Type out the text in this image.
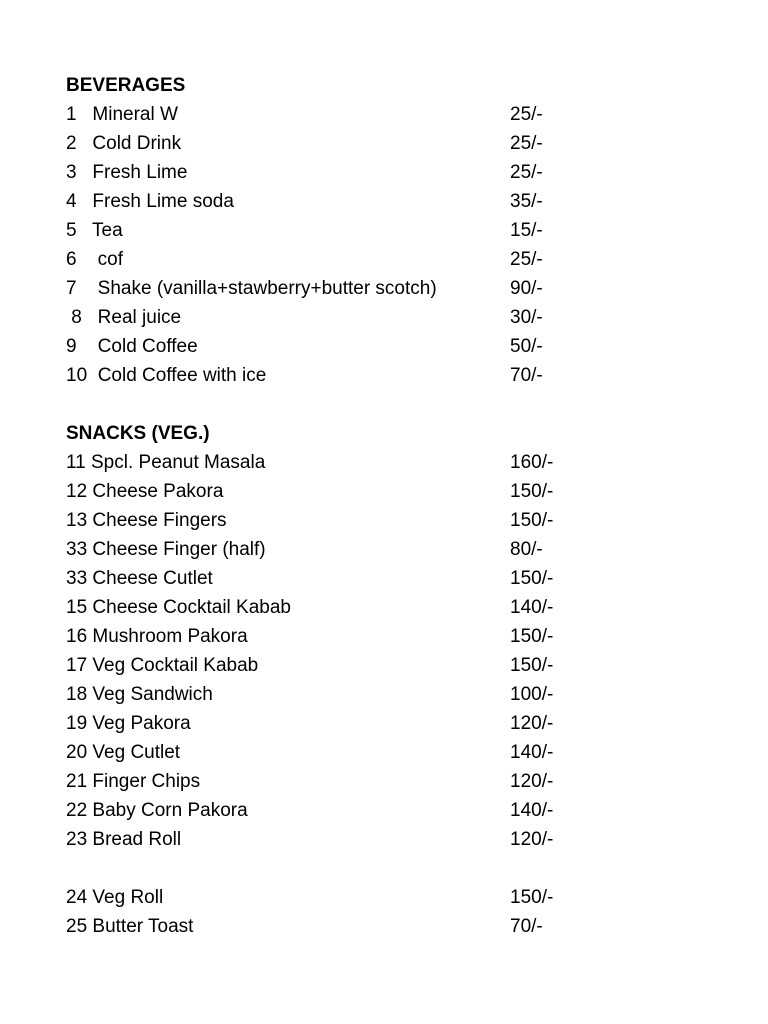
BEVERAGES
1   Mineral W	25/-
2   Cold Drink	25/-
3   Fresh Lime	25/-
4   Fresh Lime soda	35/-
5   Tea	15/-
6    cof	25/-
7    Shake (vanilla+stawberry+butter scotch)	90/-
8   Real juice	30/-
9    Cold Coffee	50/-
10  Cold Coffee with ice	70/-
SNACKS (VEG.)
11 Spcl. Peanut Masala	160/-
12 Cheese Pakora	150/-
13 Cheese Fingers	150/-
33 Cheese Finger (half)	80/-
33 Cheese Cutlet	150/-
15 Cheese Cocktail Kabab	140/-
16 Mushroom Pakora	150/-
17 Veg Cocktail Kabab	150/-
18 Veg Sandwich	100/-
19 Veg Pakora	120/-
20 Veg Cutlet	140/-
21 Finger Chips	120/-
22 Baby Corn Pakora	140/-
23 Bread Roll	120/-
24 Veg Roll	150/-
25 Butter Toast	70/-
